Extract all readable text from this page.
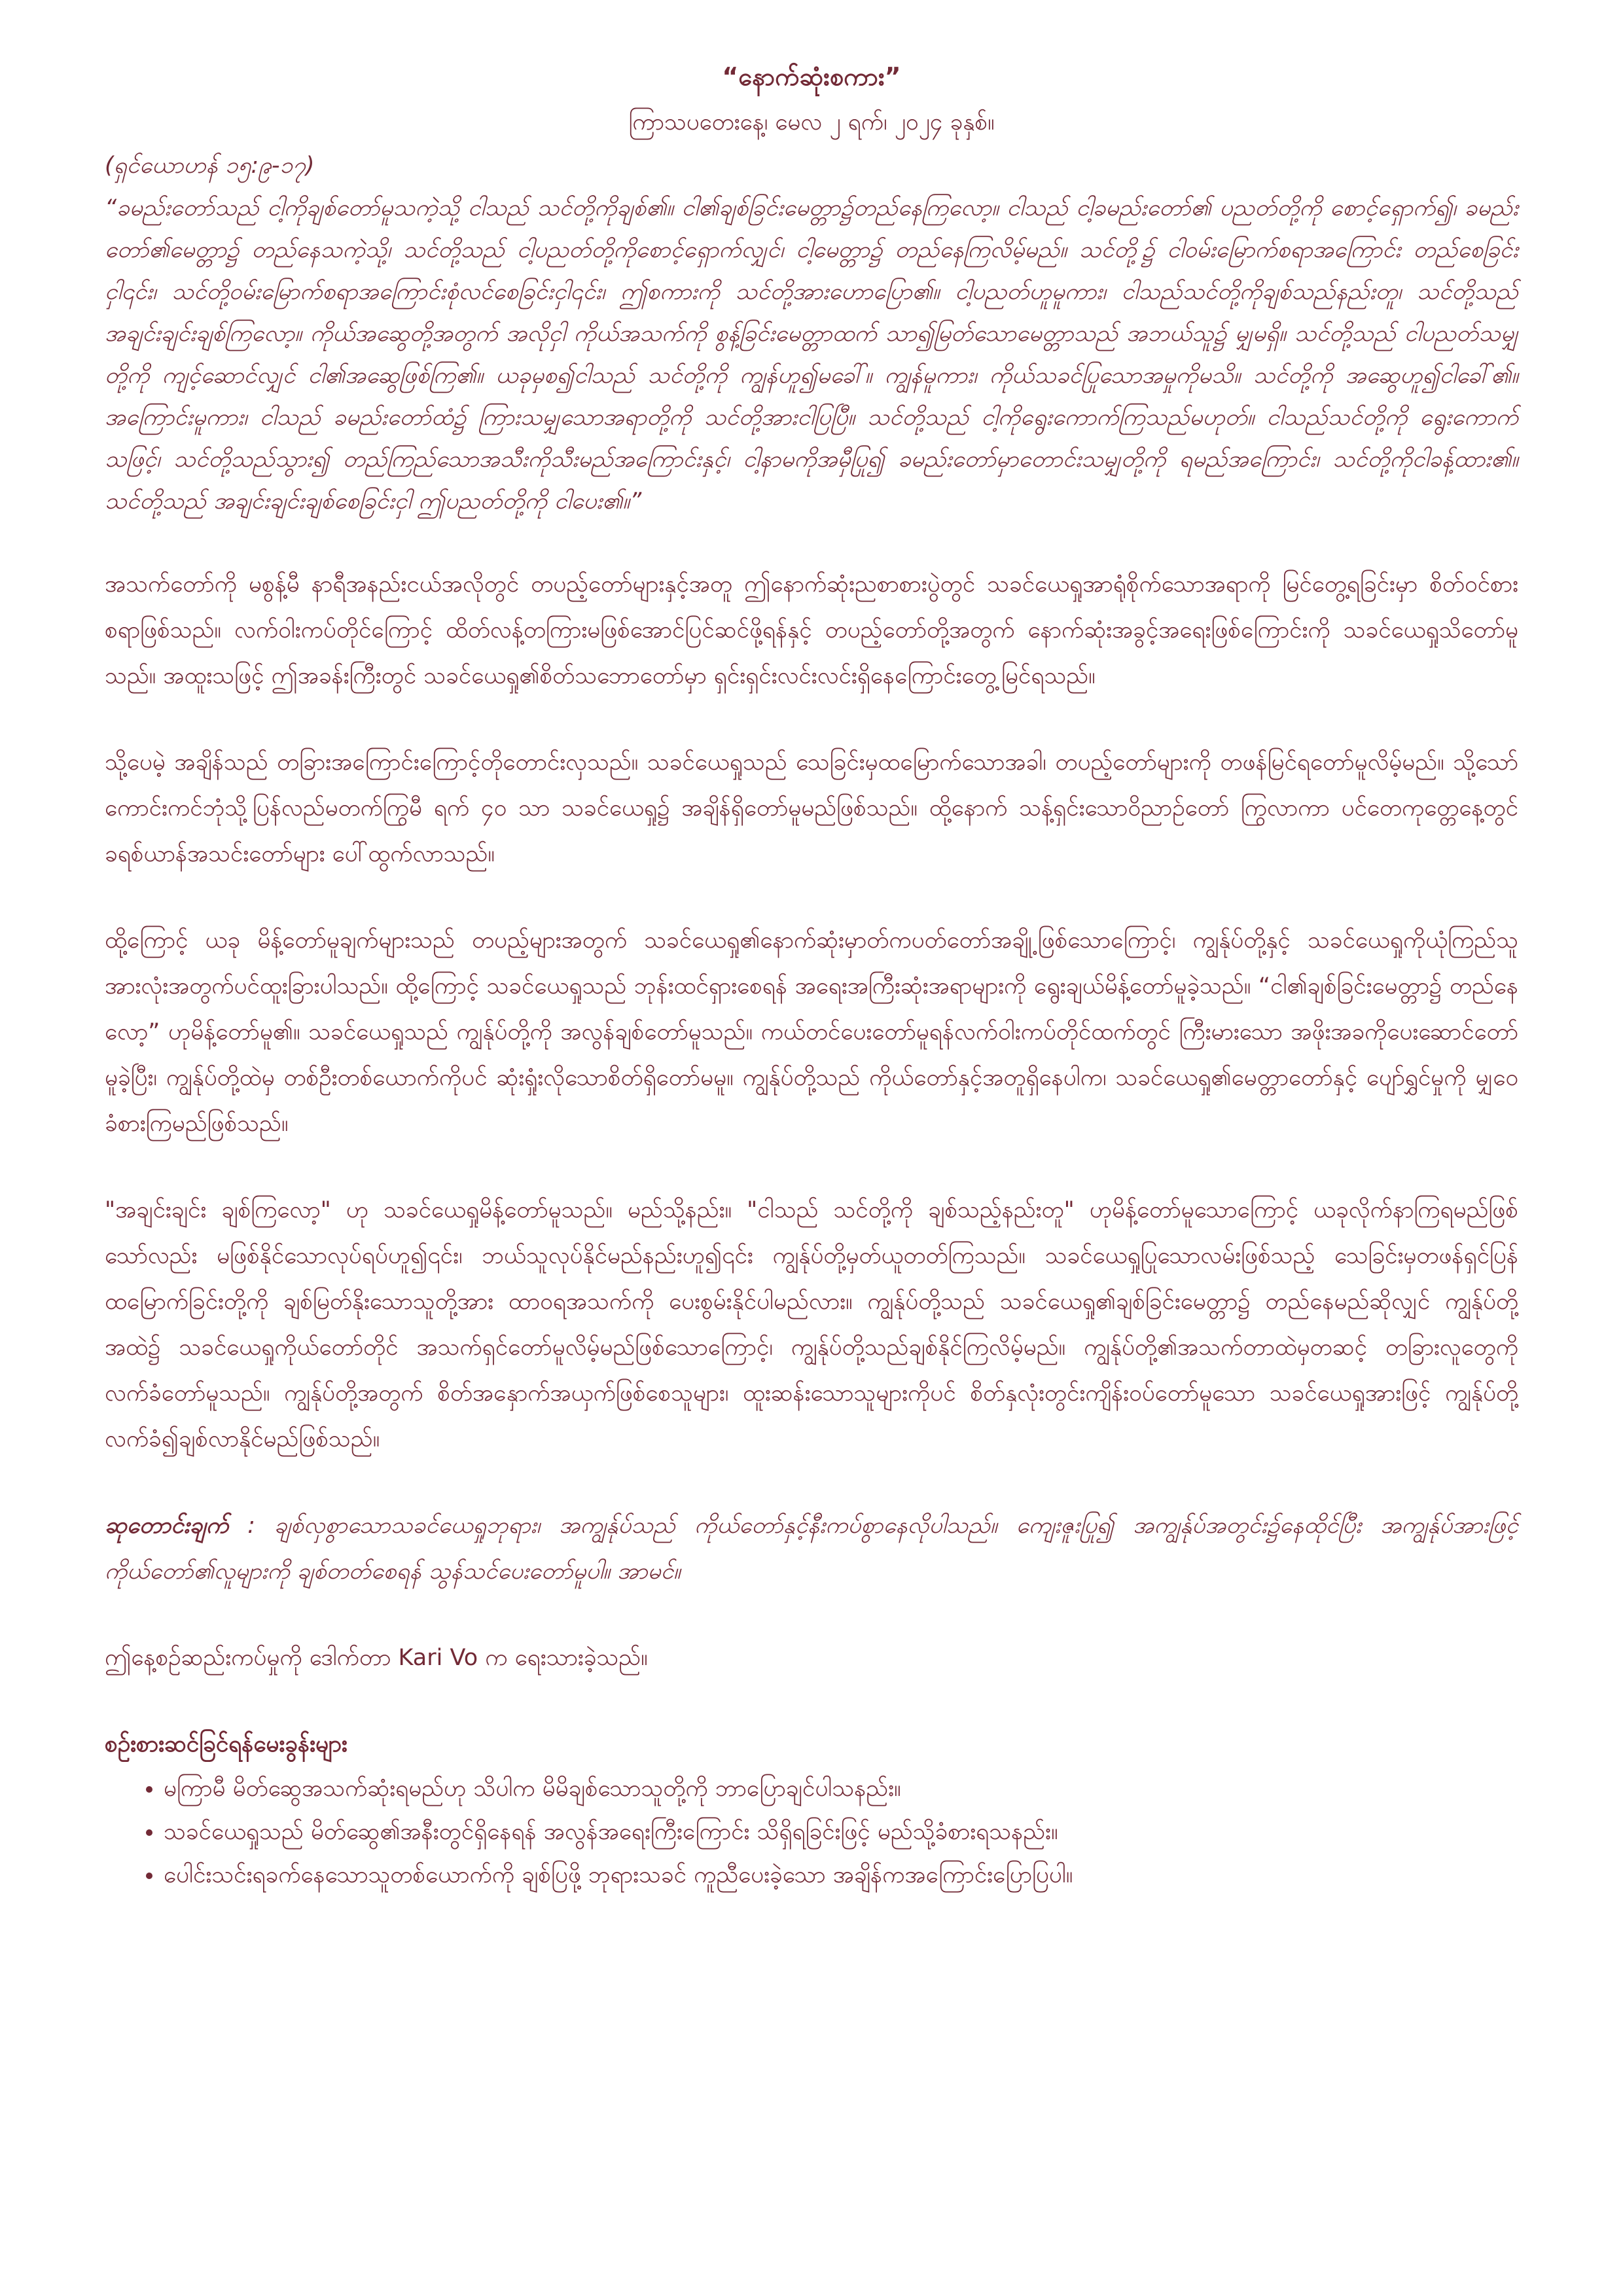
“နောက်ဆုံးစကား”

ကြာသပတေးနေ့၊ မေလ ၂ ရက်၊ ၂၀၂၄ ခုနှစ်။

(ရှင်ယောဟန် ၁၅:၉-၁၇)

“ခမည်းတော်သည် ငါ့ကိုချစ်တော်မူသကဲ့သို့ ငါသည် သင်တို့ကိုချစ်၏။ ငါ၏ချစ်ခြင်းမေတ္တာ၌တည်နေကြလော့။ ငါသည် ငါ့ခမည်းတော်၏ ပညတ်တို့ကို စောင့်ရှောက်၍၊ ခမည်းတော်၏မေတ္တာ၌ တည်နေသကဲ့သို့၊ သင်တို့သည် ငါ့ပညတ်တို့ကိုစောင့်ရှောက်လျှင်၊ ငါ့မေတ္တာ၌ တည်နေကြလိမ့်မည်။ သင်တို့၌ ငါဝမ်းမြောက်စရာအကြောင်း တည်စေခြင်းငှါ၎င်း၊ သင်တို့ဝမ်းမြောက်စရာအကြောင်းစုံလင်စေခြင်းငှါ၎င်း၊ ဤစကားကို သင်တို့အားဟောပြော၏။ ငါ့ပညတ်ဟူမူကား၊ ငါသည်သင်တို့ကိုချစ်သည်နည်းတူ၊ သင်တို့သည်အချင်းချင်းချစ်ကြလော့။ ကိုယ်အဆွေတို့အတွက် အလိုငှါ ကိုယ်အသက်ကို စွန့်ခြင်းမေတ္တာထက် သာ၍မြတ်သောမေတ္တာသည် အဘယ်သူ၌ မျှမရှိ။ သင်တို့သည် ငါပညတ်သမျှတို့ကို ကျင့်ဆောင်လျှင် ငါ၏အဆွေဖြစ်ကြ၏။ ယခုမှစ၍ငါသည် သင်တို့ကို ကျွန်ဟူ၍မခေါ်။ ကျွန်မူကား၊ ကိုယ်သခင်ပြုသောအမှုကိုမသိ။ သင်တို့ကို အဆွေဟူ၍ငါခေါ်၏။ အကြောင်းမူကား၊ ငါသည် ခမည်းတော်ထံ၌ ကြားသမျှသောအရာတို့ကို သင်တို့အားငါပြပြီ။ သင်တို့သည် ငါ့ကိုရွေးကောက်ကြသည်မဟုတ်။ ငါသည်သင်တို့ကို ရွေးကောက်သဖြင့်၊ သင်တို့သည်သွား၍ တည်ကြည်သောအသီးကိုသီးမည်အကြောင်းနှင့်၊ ငါ့နာမကိုအမှီပြု၍ ခမည်းတော်မှာတောင်းသမျှတို့ကို ရမည်အကြောင်း၊ သင်တို့ကိုငါခန့်ထား၏။ သင်တို့သည် အချင်းချင်းချစ်စေခြင်းငှါ ဤပညတ်တို့ကို ငါပေး၏။”

အသက်တော်ကို မစွန့်မီ နာရီအနည်းငယ်အလိုတွင် တပည့်တော်များနှင့်အတူ ဤနောက်ဆုံးညစာစားပွဲတွင် သခင်ယေရှုအာရုံစိုက်သောအရာကို မြင်တွေ့ရခြင်းမှာ စိတ်ဝင်စားစရာဖြစ်သည်။ လက်ဝါးကပ်တိုင်ကြောင့် ထိတ်လန့်တကြားမဖြစ်အောင်ပြင်ဆင်ဖို့ရန်နှင့် တပည့်တော်တို့အတွက် နောက်ဆုံးအခွင့်အရေးဖြစ်ကြောင်းကို သခင်ယေရှုသိတော်မူသည်။ အထူးသဖြင့် ဤအခန်းကြီးတွင် သခင်ယေရှု၏စိတ်သဘောတော်မှာ ရှင်းရှင်းလင်းလင်းရှိနေကြောင်းတွေ့မြင်ရသည်။

သို့ပေမဲ့ အချိန်သည် တခြားအကြောင်းကြောင့်တိုတောင်းလှသည်။ သခင်ယေရှုသည် သေခြင်းမှထမြောက်သောအခါ၊ တပည့်တော်များကို တဖန်မြင်ရတော်မူလိမ့်မည်။ သို့သော် ကောင်းကင်ဘုံသို့ပြန်လည်မတက်ကြွမီ ရက် ၄၀ သာ သခင်ယေရှု၌ အချိန်ရှိတော်မူမည်ဖြစ်သည်။ ထို့နောက် သန့်ရှင်းသောဝိညာဉ်တော် ကြွလာကာ ပင်တေကုတ္တေနေ့တွင် ခရစ်ယာန်အသင်းတော်များ ပေါ်ထွက်လာသည်။

ထို့ကြောင့် ယခု မိန့်တော်မူချက်များသည် တပည့်များအတွက် သခင်ယေရှု၏နောက်ဆုံးမှာတ်ကပတ်တော်အချို့ဖြစ်သောကြောင့်၊ ကျွန်ုပ်တို့နှင့် သခင်ယေရှုကိုယုံကြည်သူအားလုံးအတွက်ပင်ထူးခြားပါသည်။ ထို့ကြောင့် သခင်ယေရှုသည် ဘုန်းထင်ရှားစေရန် အရေးအကြီးဆုံးအရာများကို ရွေးချယ်မိန့်တော်မူခဲ့သည်။ “ငါ၏ချစ်ခြင်းမေတ္တာ၌ တည်နေလော့” ဟုမိန့်တော်မူ၏။ သခင်ယေရှုသည် ကျွန်ုပ်တို့ကို အလွန်ချစ်တော်မူသည်။ ကယ်တင်ပေးတော်မူရန်လက်ဝါးကပ်တိုင်ထက်တွင် ကြီးမားသော အဖိုးအခကိုပေးဆောင်တော်မူခဲ့ပြီး၊ ကျွန်ုပ်တို့ထဲမှ တစ်ဦးတစ်ယောက်ကိုပင် ဆုံးရှုံးလိုသောစိတ်ရှိတော်မမူ။ ကျွန်ုပ်တို့သည် ကိုယ်တော်နှင့်အတူရှိနေပါက၊ သခင်ယေရှု၏မေတ္တာတော်နှင့် ပျော်ရွှင်မှုကို မျှဝေခံစားကြမည်ဖြစ်သည်။

"အချင်းချင်း ချစ်ကြလော့" ဟု သခင်ယေရှုမိန့်တော်မူသည်။ မည်သို့နည်း။ "ငါသည် သင်တို့ကို ချစ်သည့်နည်းတူ" ဟုမိန့်တော်မူသောကြောင့် ယခုလိုက်နာကြရမည်ဖြစ်သော်လည်း မဖြစ်နိုင်သောလုပ်ရပ်ဟူ၍၎င်း၊ ဘယ်သူလုပ်နိုင်မည်နည်းဟူ၍၎င်း ကျွန်ုပ်တို့မှတ်ယူတတ်ကြသည်။ သခင်ယေရှုပြုသောလမ်းဖြစ်သည့် သေခြင်းမှတဖန်ရှင်ပြန်ထမြောက်ခြင်းတို့ကို ချစ်မြတ်နိုးသောသူတို့အား ထာဝရအသက်ကို ပေးစွမ်းနိုင်ပါမည်လား။ ကျွန်ုပ်တို့သည် သခင်ယေရှု၏ချစ်ခြင်းမေတ္တာ၌ တည်နေမည်ဆိုလျှင် ကျွန်ုပ်တို့အထဲ၌ သခင်ယေရှုကိုယ်တော်တိုင် အသက်ရှင်တော်မူလိမ့်မည်ဖြစ်သောကြောင့်၊ ကျွန်ုပ်တို့သည်ချစ်နိုင်ကြလိမ့်မည်။ ကျွန်ုပ်တို့၏အသက်တာထဲမှတဆင့် တခြားလူတွေကို လက်ခံတော်မူသည်။ ကျွန်ုပ်တို့အတွက် စိတ်အနှောက်အယှက်ဖြစ်စေသူများ၊ ထူးဆန်းသောသူများကိုပင် စိတ်နှလုံးတွင်းကျိန်းဝပ်တော်မူသော သခင်ယေရှုအားဖြင့် ကျွန်ုပ်တို့ လက်ခံ၍ချစ်လာနိုင်မည်ဖြစ်သည်။

ဆုတောင်းချက် : ချစ်လှစွာသောသခင်ယေရှုဘုရား၊ အကျွန်ုပ်သည် ကိုယ်တော်နှင့်နီးကပ်စွာနေလိုပါသည်။ ကျေးဇူးပြု၍ အကျွန်ုပ်အတွင်း၌နေထိုင်ပြီး အကျွန်ုပ်အားဖြင့် ကိုယ်တော်၏လူများကို ချစ်တတ်စေရန် သွန်သင်ပေးတော်မူပါ။ အာမင်။

ဤနေ့စဉ်ဆည်းကပ်မှုကို ဒေါက်တာ Kari Vo က ရေးသားခဲ့သည်။

စဉ်းစားဆင်ခြင်ရန်မေးခွန်းများ

• မကြာမီ မိတ်ဆွေအသက်ဆုံးရမည်ဟု သိပါက မိမိချစ်သောသူတို့ကို ဘာပြောချင်ပါသနည်း။
• သခင်ယေရှုသည် မိတ်ဆွေ၏အနီးတွင်ရှိနေရန် အလွန်အရေးကြီးကြောင်း သိရှိရခြင်းဖြင့် မည်သို့ခံစားရသနည်း။
• ပေါင်းသင်းရခက်နေသောသူတစ်ယောက်ကို ချစ်ပြဖို့ ဘုရားသခင် ကူညီပေးခဲ့သော အချိန်ကအကြောင်းပြောပြပါ။
